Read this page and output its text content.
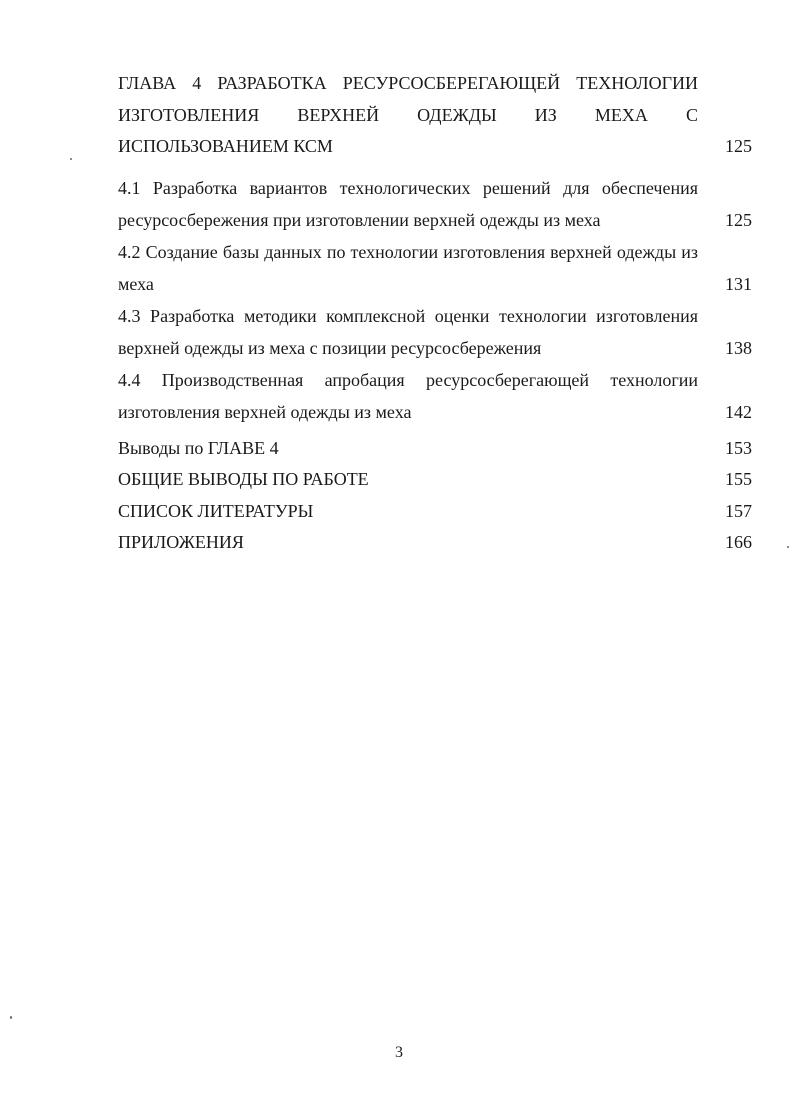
ГЛАВА 4 РАЗРАБОТКА РЕСУРСОСБЕРЕГАЮЩЕЙ ТЕХНОЛОГИИ ИЗГОТОВЛЕНИЯ ВЕРХНЕЙ ОДЕЖДЫ ИЗ МЕХА С ИСПОЛЬЗОВАНИЕМ КСМ	125
4.1 Разработка вариантов технологических решений для обеспечения ресурсосбережения при изготовлении верхней одежды из меха	125
4.2 Создание базы данных по технологии изготовления верхней одежды из меха	131
4.3 Разработка методики комплексной оценки технологии изготовления верхней одежды из меха с позиции ресурсосбережения	138
4.4 Производственная апробация ресурсосберегающей технологии изготовления верхней одежды из меха	142
Выводы по ГЛАВЕ 4	153
ОБЩИЕ ВЫВОДЫ ПО РАБОТЕ	155
СПИСОК ЛИТЕРАТУРЫ	157
ПРИЛОЖЕНИЯ	166
3
